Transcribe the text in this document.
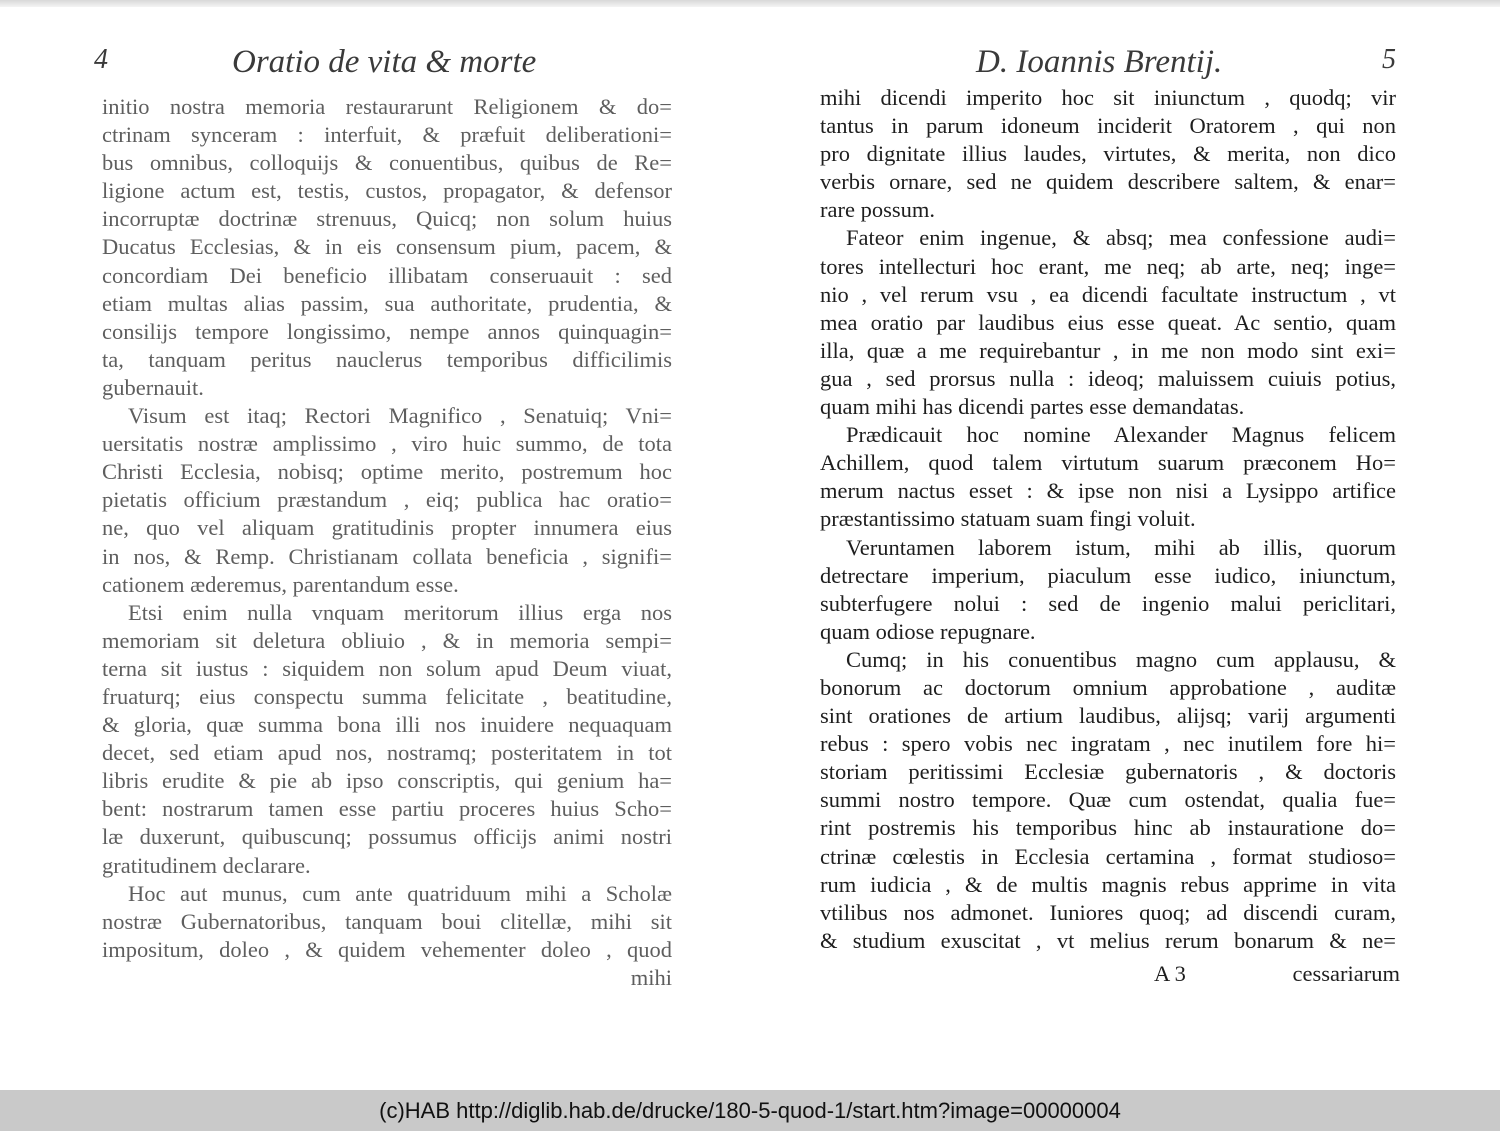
4	Oratio de vita & morte
initio nostra memoria restaurarunt Religionem & do=
ctrinam synceram : interfuit, & præfuit deliberationi=
bus omnibus, colloquijs & conuentibus, quibus de Re=
ligione actum est, testis, custos, propagator, & defensor
incorruptæ doctrinæ strenuus, Quicq; non solum huius
Ducatus Ecclesias, & in eis consensum pium, pacem, &
concordiam Dei beneficio illibatam conseruauit : sed
etiam multas alias passim, sua authoritate, prudentia, &
consilijs tempore longissimo, nempe annos quinquagin=
ta, tanquam peritus nauclerus temporibus difficilimis
gubernauit.
Visum est itaq; Rectori Magnifico , Senatuiq; Vni=
uersitatis nostræ amplissimo , viro huic summo, de tota
Christi Ecclesia, nobisq; optime merito, postremum hoc
pietatis officium præstandum , eiq; publica hac oratio=
ne, quo vel aliquam gratitudinis propter innumera eius
in nos, & Remp. Christianam collata beneficia , signifi=
cationem æderemus, parentandum esse.
Etsi enim nulla vnquam meritorum illius erga nos
memoriam sit deletura obliuio , & in memoria sempi=
terna sit iustus : siquidem non solum apud Deum viuat,
fruaturq; eius conspectu summa felicitate , beatitudine,
& gloria, quæ summa bona illi nos inuidere nequaquam
decet, sed etiam apud nos, nostramq; posteritatem in tot
libris erudite & pie ab ipso conscriptis, qui genium ha=
bent: nostrarum tamen esse partiu proceres huius Scho=
læ duxerunt, quibuscunq; possumus officijs animi nostri
gratitudinem declarare.
Hoc aut munus, cum ante quatriduum mihi a Scholæ
nostræ Gubernatoribus, tanquam boui clitellæ, mihi sit
impositum, doleo , & quidem vehementer doleo , quod
mihi
D. Ioannis Brentij.	5
mihi dicendi imperito hoc sit iniunctum , quodq; vir
tantus in parum idoneum inciderit Oratorem , qui non
pro dignitate illius laudes, virtutes, & merita, non dico
verbis ornare, sed ne quidem describere saltem, & enar=
rare possum.
Fateor enim ingenue, & absq; mea confessione audi=
tores intellecturi hoc erant, me neq; ab arte, neq; inge=
nio , vel rerum vsu , ea dicendi facultate instructum , vt
mea oratio par laudibus eius esse queat. Ac sentio, quam
illa, quæ a me requirebantur , in me non modo sint exi=
gua , sed prorsus nulla : ideoq; maluissem cuiuis potius,
quam mihi has dicendi partes esse demandatas.
Prædicauit hoc nomine Alexander Magnus felicem
Achillem, quod talem virtutum suarum præconem Ho=
merum nactus esset : & ipse non nisi a Lysippo artifice
præstantissimo statuam suam fingi voluit.
Veruntamen laborem istum, mihi ab illis, quorum
detrectare imperium, piaculum esse iudico, iniunctum,
subterfugere nolui : sed de ingenio malui periclitari,
quam odiose repugnare.
Cumq; in his conuentibus magno cum applausu, &
bonorum ac doctorum omnium approbatione , auditæ
sint orationes de artium laudibus, alijsq; varij argumenti
rebus : spero vobis nec ingratam , nec inutilem fore hi=
storiam peritissimi Ecclesiæ gubernatoris , & doctoris
summi nostro tempore. Quæ cum ostendat, qualia fue=
rint postremis his temporibus hinc ab instauratione do=
ctrinæ cœlestis in Ecclesia certamina , format studioso=
rum iudicia , & de multis magnis rebus apprime in vita
vtilibus nos admonet. Iuniores quoq; ad discendi curam,
& studium exuscitat , vt melius rerum bonarum & ne=
A 3	cessariarum
(c)HAB http://diglib.hab.de/drucke/180-5-quod-1/start.htm?image=00000004
